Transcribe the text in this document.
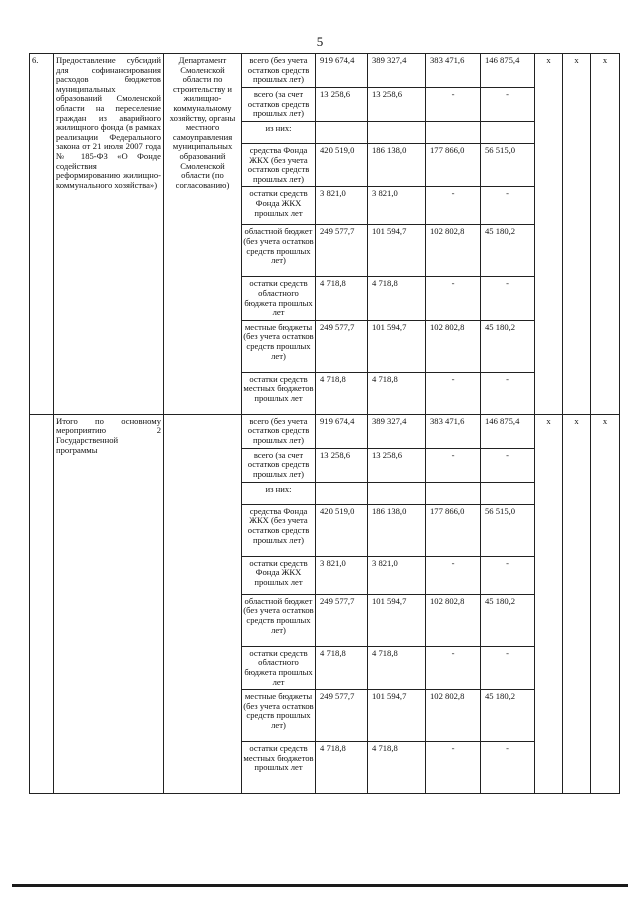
5
6.	Предоставление субсидий для софинансирования расходов бюджетов муниципальных образований Смоленской области на переселение граждан из аварийного жилищного фонда (в рамках реализации Федерального закона от 21 июля 2007 года № 185-ФЗ «О Фонде содействия реформированию жилищно-коммунального хозяйства»)	Департамент Смоленской области по строительству и жилищно-коммунальному хозяйству, органы местного самоуправления муниципальных образований Смоленской области (по согласованию)	всего (без учета остатков средств прошлых лет)	919 674,4	389 327,4	383 471,6	146 875,4	x	x	x
			всего (за счет остатков средств прошлых лет)	13 258,6	13 258,6	-	-			
			из них:							
			средства Фонда ЖКХ (без учета остатков средств прошлых лет)	420 519,0	186 138,0	177 866,0	56 515,0			
			остатки средств Фонда ЖКХ прошлых лет	3 821,0	3 821,0	-	-			
			областной бюджет (без учета остатков средств прошлых лет)	249 577,7	101 594,7	102 802,8	45 180,2			
			остатки средств областного бюджета прошлых лет	4 718,8	4 718,8	-	-			
			местные бюджеты (без учета остатков средств прошлых лет)	249 577,7	101 594,7	102 802,8	45 180,2			
			остатки средств местных бюджетов прошлых лет	4 718,8	4 718,8	-	-			
	Итого по основному мероприятию 2 Государственной программы		всего (без учета остатков средств прошлых лет)	919 674,4	389 327,4	383 471,6	146 875,4	x	x	x
			всего (за счет остатков средств прошлых лет)	13 258,6	13 258,6	-	-			
			из них:							
			средства Фонда ЖКХ (без учета остатков средств прошлых лет)	420 519,0	186 138,0	177 866,0	56 515,0			
			остатки средств Фонда ЖКХ прошлых лет	3 821,0	3 821,0	-	-			
			областной бюджет (без учета остатков средств прошлых лет)	249 577,7	101 594,7	102 802,8	45 180,2			
			остатки средств областного бюджета прошлых лет	4 718,8	4 718,8	-	-			
			местные бюджеты (без учета остатков средств прошлых лет)	249 577,7	101 594,7	102 802,8	45 180,2			
			остатки средств местных бюджетов прошлых лет	4 718,8	4 718,8	-	-			
